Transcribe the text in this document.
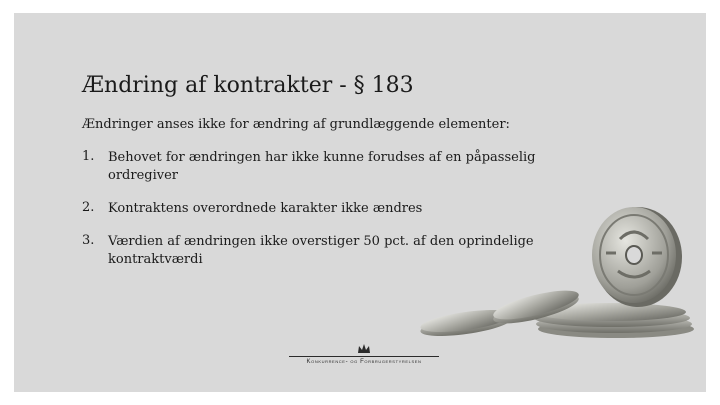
Ændring af kontrakter - § 183
Ændringer anses ikke for ændring af grundlæggende elementer:
1.	Behovet for ændringen har ikke kunne forudses af en påpasselig ordregiver
2.	Kontraktens overordnede karakter ikke ændres
3.	Værdien af ændringen ikke overstiger 50 pct. af den oprindelige kontraktværdi
Konkurrence- og Forbrugerstyrelsen
